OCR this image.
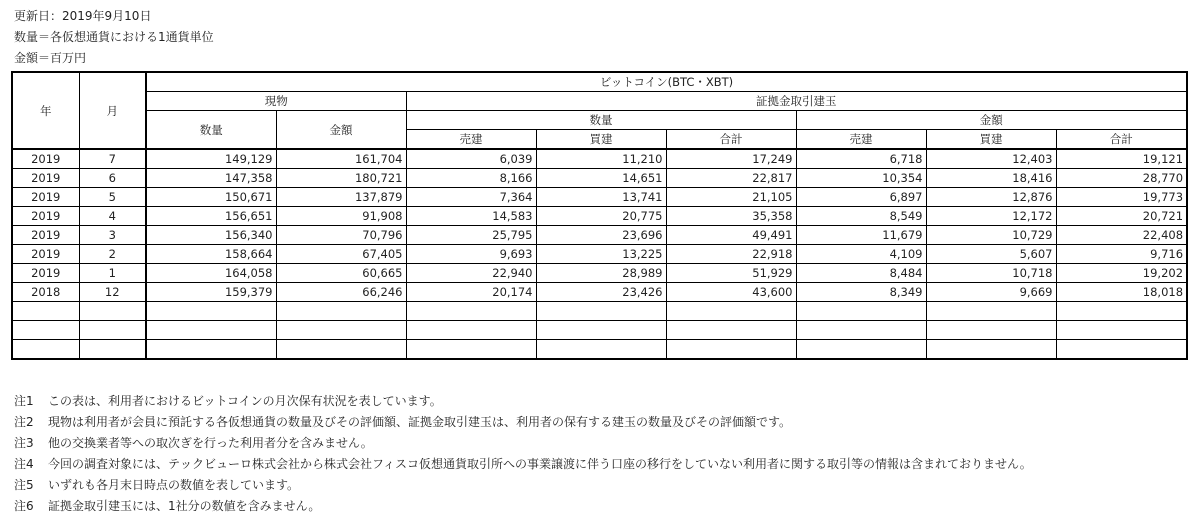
更新日：2019年9月10日
数量＝各仮想通貨における1通貨単位
金額＝百万円
年	月	ビットコイン(BTC・XBT)							
		現物		証拠金取引建玉					
		数量	金額	数量			金額		
				売建	買建	合計	売建	買建	合計
2019	7	149,129	161,704	6,039	11,210	17,249	6,718	12,403	19,121
2019	6	147,358	180,721	8,166	14,651	22,817	10,354	18,416	28,770
2019	5	150,671	137,879	7,364	13,741	21,105	6,897	12,876	19,773
2019	4	156,651	91,908	14,583	20,775	35,358	8,549	12,172	20,721
2019	3	156,340	70,796	25,795	23,696	49,491	11,679	10,729	22,408
2019	2	158,664	67,405	9,693	13,225	22,918	4,109	5,607	9,716
2019	1	164,058	60,665	22,940	28,989	51,929	8,484	10,718	19,202
2018	12	159,379	66,246	20,174	23,426	43,600	8,349	9,669	18,018

注1 この表は、利用者におけるビットコインの月次保有状況を表しています。
注2 現物は利用者が会員に預託する各仮想通貨の数量及びその評価額、証拠金取引建玉は、利用者の保有する建玉の数量及びその評価額です。
注3 他の交換業者等への取次ぎを行った利用者分を含みません。
注4 今回の調査対象には、テックビューロ株式会社から株式会社フィスコ仮想通貨取引所への事業譲渡に伴う口座の移行をしていない利用者に関する取引等の情報は含まれておりません。
注5 いずれも各月末日時点の数値を表しています。
注6 証拠金取引建玉には、1社分の数値を含みません。
